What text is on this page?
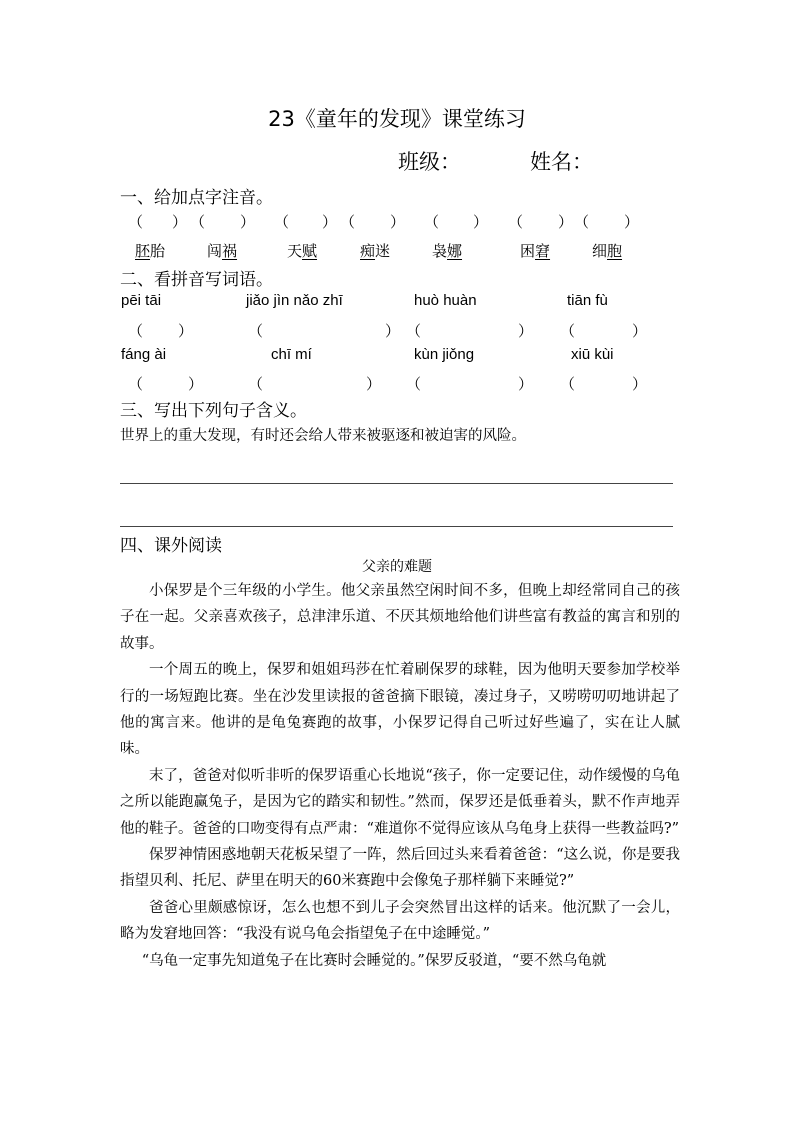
23《童年的发现》课堂练习
班级：	姓名：
一、给加点字注音。
（ ） （ ） （ ） （ ） （ ） （ ） （ ）
胚胎	闯祸	天赋	痴迷	袅娜	困窘	细胞
二、看拼音写词语。
pēi tāi	jiǎo jìn nǎo zhī	huò huàn	tiān fù
（ ）	（	） （	） （	）
fáng ài	chī mí	kùn jiǒng	xiū kùi
（	）	（	） （	） （	）
三、写出下列句子含义。
世界上的重大发现，有时还会给人带来被驱逐和被迫害的风险。
四、课外阅读
父亲的难题

小保罗是个三年级的小学生。他父亲虽然空闲时间不多，但晚上却经常同自己的孩子在一起。父亲喜欢孩子，总津津乐道、不厌其烦地给他们讲些富有教益的寓言和别的故事。

一个周五的晚上，保罗和姐姐玛莎在忙着刷保罗的球鞋，因为他明天要参加学校举行的一场短跑比赛。坐在沙发里读报的爸爸摘下眼镜，凑过身子，又唠唠叨叨地讲起了他的寓言来。他讲的是龟兔赛跑的故事，小保罗记得自己听过好些遍了，实在让人腻味。

末了，爸爸对似听非听的保罗语重心长地说“孩子，你一定要记住，动作缓慢的乌龟之所以能跑赢兔子，是因为它的踏实和韧性。”然而，保罗还是低垂着头，默不作声地弄他的鞋子。爸爸的口吻变得有点严肃：“难道你不觉得应该从乌龟身上获得一些教益吗?”

保罗神情困惑地朝天花板呆望了一阵，然后回过头来看着爸爸：“这么说，你是要我指望贝利、托尼、萨里在明天的60米赛跑中会像兔子那样躺下来睡觉?”

爸爸心里颇感惊讶，怎么也想不到儿子会突然冒出这样的话来。他沉默了一会儿，略为发窘地回答：“我没有说乌龟会指望兔子在中途睡觉。”

“乌龟一定事先知道兔子在比赛时会睡觉的。”保罗反驳道，“要不然乌龟就
